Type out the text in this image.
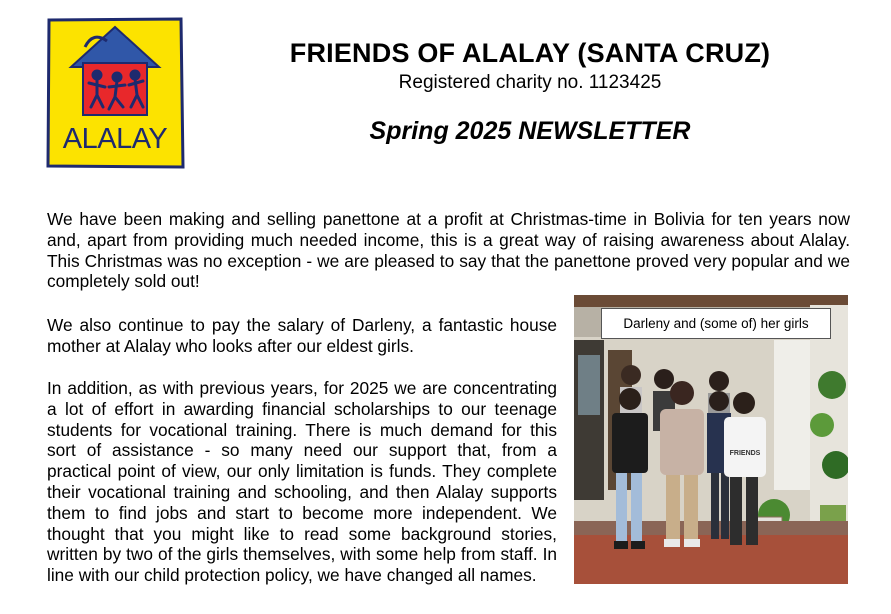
ALALAY
FRIENDS OF ALALAY (SANTA CRUZ)
Registered charity no. 1123425
Spring 2025 NEWSLETTER

We have been making and selling panettone at a profit at Christmas-time in Bolivia for ten years now and, apart from providing much needed income, this is a great way of raising awareness about Alalay. This Christmas was no exception - we are pleased to say that the panettone proved very popular and we completely sold out!

We also continue to pay the salary of Darleny, a fantastic house mother at Alalay who looks after our eldest girls.

In addition, as with previous years, for 2025 we are concentrating a lot of effort in awarding financial scholarships to our teenage students for vocational training. There is much demand for this sort of assistance - so many need our support that, from a practical point of view, our only limitation is funds. They complete their vocational training and schooling, and then Alalay supports them to find jobs and start to become more independent. We thought that you might like to read some background stories, written by two of the girls themselves, with some help from staff. In line with our child protection policy, we have changed all names.

FRIENDS
Darleny and (some of) her girls
